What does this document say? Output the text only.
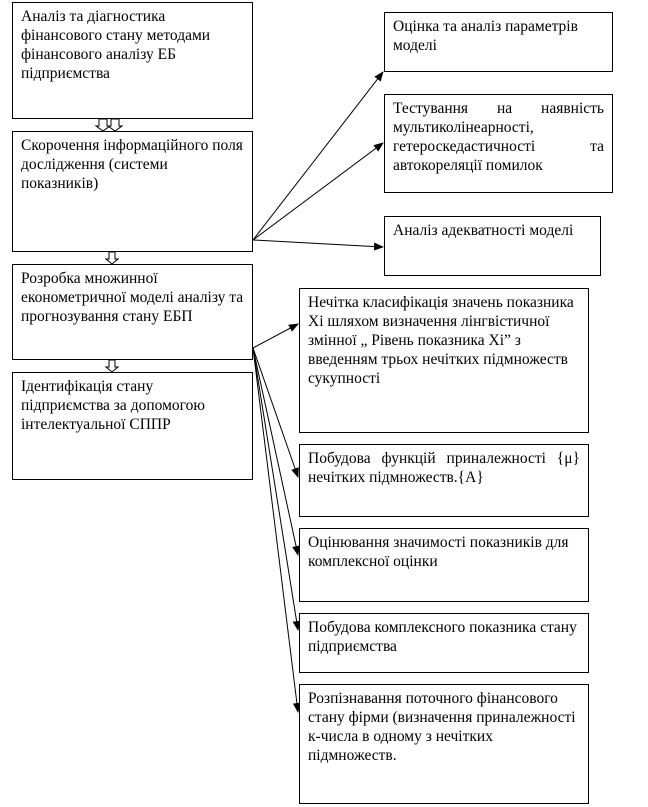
Аналіз та діагностика фінансового стану методами фінансового аналізу ЕБ підприємства
Скорочення інформаційного поля дослідження (системи показників)
Розробка множинної економетричної моделі аналізу та прогнозування стану ЕБП
Ідентифікація стану підприємства за допомогою інтелектуальної СППР
Оцінка та аналіз параметрів моделі
Тестування на наявність мультиколінеарності, гетероскедастичності та автокореляції помилок
Аналіз адекватності моделі
Нечітка класифікація значень показника Хі шляхом визначення лінгвістичної змінної „ Рівень показника Хі” з введенням трьох нечітких підмножеств сукупності
Побудова функцій приналежності {μ} нечітких підмножеств.{А}
Оцінювання значимості показників для комплексної оцінки
Побудова комплексного показника стану підприємства
Розпізнавання поточного фінансового стану фірми (визначення приналежності к-числа в одному з нечітких підмножеств.
